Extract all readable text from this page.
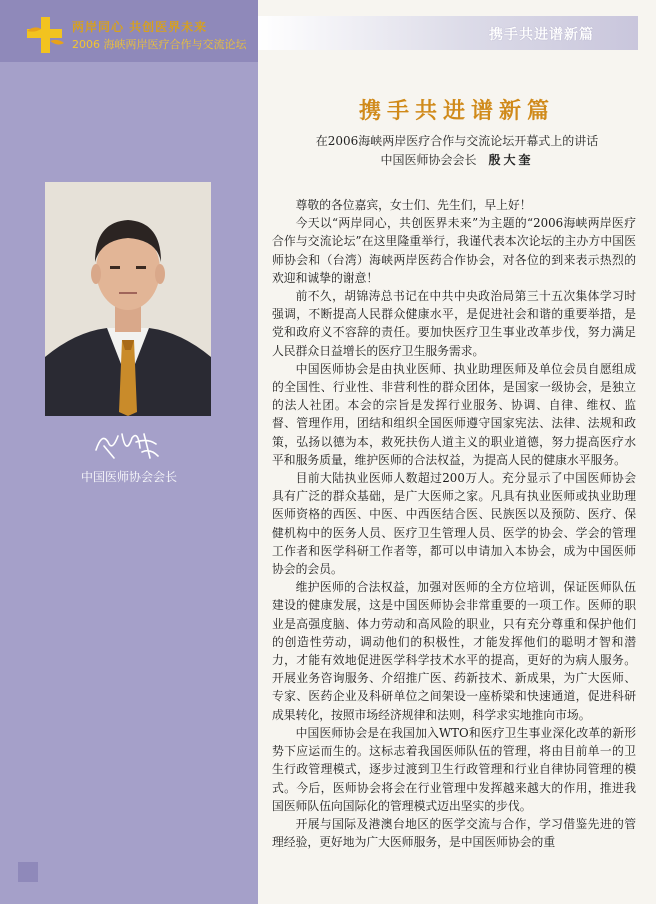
两岸同心 共创医界未来
2006 海峡两岸医疗合作与交流论坛
携手共进谱新篇
中国医师协会会长
携手共进谱新篇
在2006海峡两岸医疗合作与交流论坛开幕式上的讲话
中国医师协会会长 殷大奎

尊敬的各位嘉宾，女士们、先生们，早上好！

今天以“两岸同心，共创医界未来”为主题的“2006海峡两岸医疗合作与交流论坛”在这里隆重举行，我谨代表本次论坛的主办方中国医师协会和（台湾）海峡两岸医药合作协会，对各位的到来表示热烈的欢迎和诚挚的谢意！

前不久，胡锦涛总书记在中共中央政治局第三十五次集体学习时强调，不断提高人民群众健康水平，是促进社会和谐的重要举措，是党和政府义不容辞的责任。要加快医疗卫生事业改革步伐，努力满足人民群众日益增长的医疗卫生服务需求。

中国医师协会是由执业医师、执业助理医师及单位会员自愿组成的全国性、行业性、非营利性的群众团体，是国家一级协会，是独立的法人社团。本会的宗旨是发挥行业服务、协调、自律、维权、监督、管理作用，团结和组织全国医师遵守国家宪法、法律、法规和政策，弘扬以德为本，救死扶伤人道主义的职业道德，努力提高医疗水平和服务质量，维护医师的合法权益，为提高人民的健康水平服务。

目前大陆执业医师人数超过200万人。充分显示了中国医师协会具有广泛的群众基础，是广大医师之家。凡具有执业医师或执业助理医师资格的西医、中医、中西医结合医、民族医以及预防、医疗、保健机构中的医务人员、医疗卫生管理人员、医学的协会、学会的管理工作者和医学科研工作者等，都可以申请加入本协会，成为中国医师协会的会员。

维护医师的合法权益，加强对医师的全方位培训，保证医师队伍建设的健康发展，这是中国医师协会非常重要的一项工作。医师的职业是高强度脑、体力劳动和高风险的职业，只有充分尊重和保护他们的创造性劳动，调动他们的积极性，才能发挥他们的聪明才智和潜力，才能有效地促进医学科学技术水平的提高，更好的为病人服务。开展业务咨询服务、介绍推广医、药新技术、新成果，为广大医师、专家、医药企业及科研单位之间架设一座桥梁和快速通道，促进科研成果转化，按照市场经济规律和法则，科学求实地推向市场。

中国医师协会是在我国加入WTO和医疗卫生事业深化改革的新形势下应运而生的。这标志着我国医师队伍的管理，将由目前单一的卫生行政管理模式，逐步过渡到卫生行政管理和行业自律协同管理的模式。今后，医师协会将会在行业管理中发挥越来越大的作用，推进我国医师队伍向国际化的管理模式迈出坚实的步伐。

开展与国际及港澳台地区的医学交流与合作，学习借鉴先进的管理经验，更好地为广大医师服务，是中国医师协会的重
